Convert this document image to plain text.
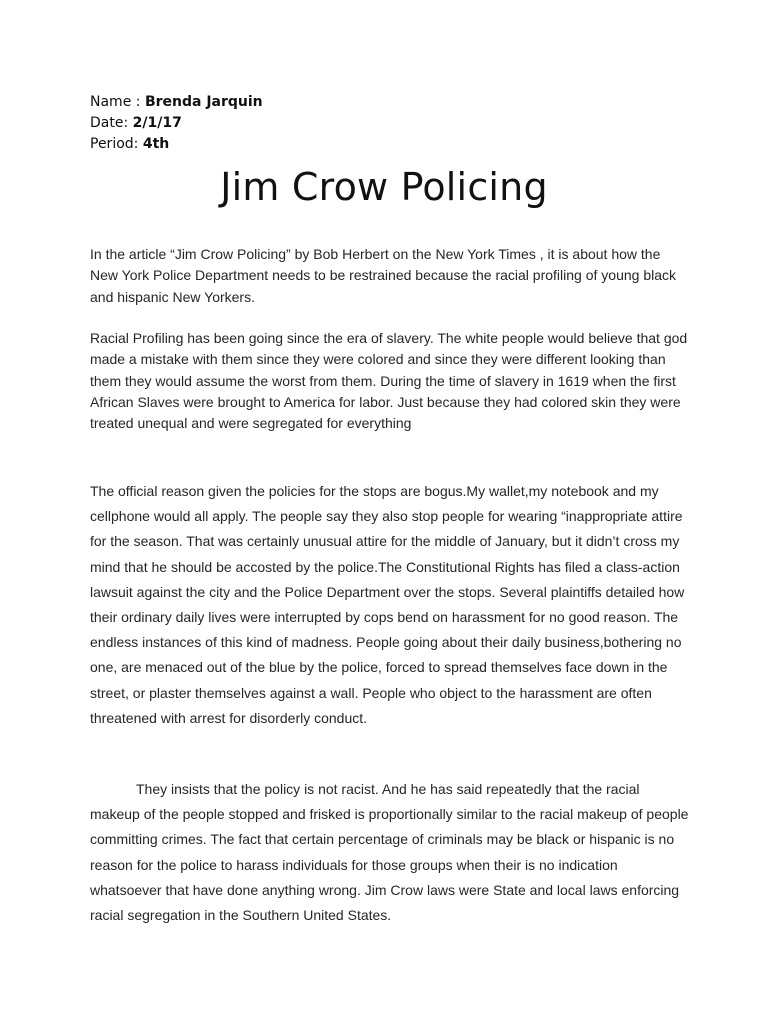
Name : Brenda Jarquin
Date: 2/1/17
Period: 4th
Jim Crow Policing

In the article “Jim Crow Policing” by Bob Herbert on the New York Times , it is about how the New York Police Department needs to be restrained because the racial profiling of young black and hispanic New Yorkers.

Racial Profiling has been going since the era of slavery. The white people would believe that god made a mistake with them since they were colored and since they were different looking than them they would assume the worst from them. During the time of slavery in 1619 when the first African Slaves were brought to America for labor. Just because they had colored skin they were treated unequal and were segregated for everything

The official reason given the policies for the stops are bogus.My wallet,my notebook and my cellphone would all apply. The people say they also stop people for wearing “inappropriate attire for the season. That was certainly unusual attire for the middle of January, but it didn’t cross my mind that he should be accosted by the police.The Constitutional Rights has filed a class-action lawsuit against the city and the Police Department over the stops. Several plaintiffs detailed how their ordinary daily lives were interrupted by cops bend on harassment for no good reason. The endless instances of this kind of madness. People going about their daily business,bothering no one, are menaced out of the blue by the police, forced to spread themselves face down in the street, or plaster themselves against a wall. People who object to the harassment are often threatened with arrest for disorderly conduct.

They insists that the policy is not racist. And he has said repeatedly that the racial makeup of the people stopped and frisked is proportionally similar to the racial makeup of people committing crimes. The fact that certain percentage of criminals may be black or hispanic is no reason for the police to harass individuals for those groups when their is no indication whatsoever that have done anything wrong. Jim Crow laws were State and local laws enforcing racial segregation in the Southern United States.
